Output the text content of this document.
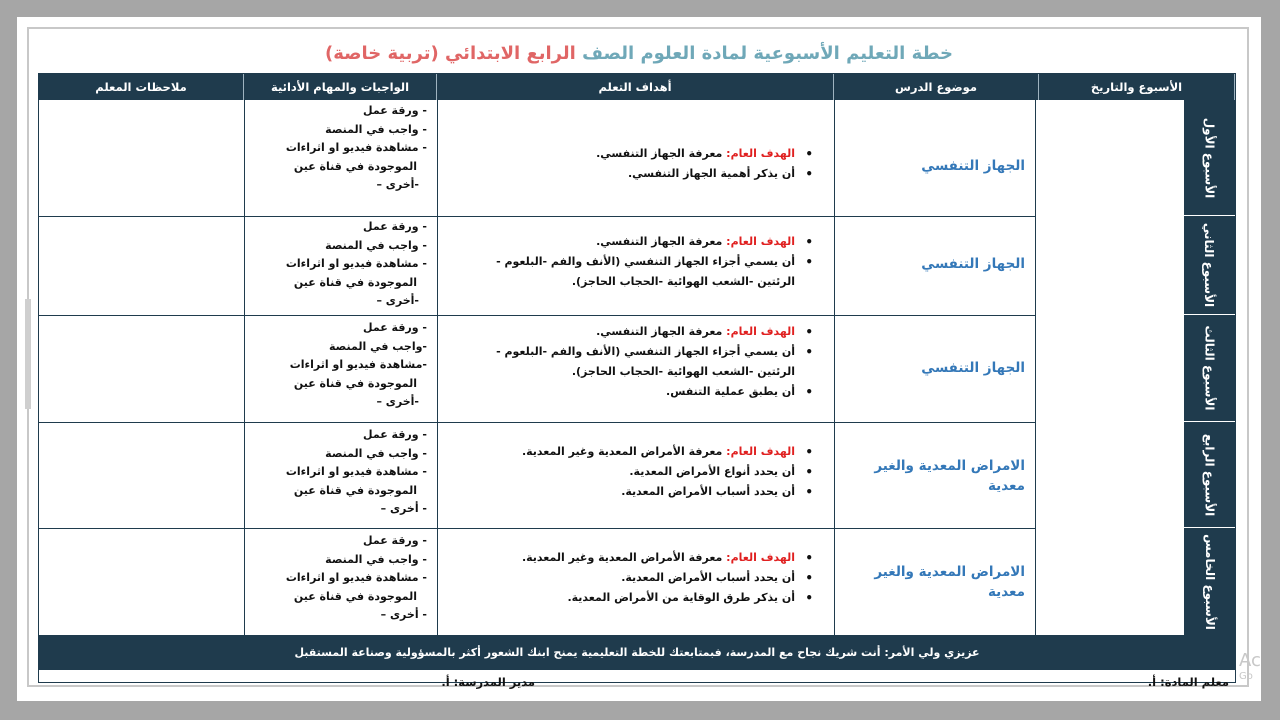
خطة التعليم الأسبوعية لمادة العلوم الصف الرابع الابتدائي (تربية خاصة)
الأسبوع والتاريخ
موضوع الدرس
أهداف التعلم
الواجبات والمهام الأدائية
ملاحظات المعلم
الأسبوع الأول
الأسبوع الثاني
الأسبوع الثالث
الأسبوع الرابع
الأسبوع الخامس
الجهاز التنفسي
الجهاز التنفسي
الجهاز التنفسي
الامراض المعدية والغير معدية
الامراض المعدية والغير معدية
• الهدف العام: معرفة الجهاز التنفسي.
• أن يذكر أهمية الجهاز التنفسي.
• الهدف العام: معرفة الجهاز التنفسي.
• أن يسمي أجزاء الجهاز التنفسي (الأنف والفم -البلعوم -
الرئتين -الشعب الهوائية -الحجاب الحاجز).
• الهدف العام: معرفة الجهاز التنفسي.
• أن يسمي أجزاء الجهاز التنفسي (الأنف والفم -البلعوم -
الرئتين -الشعب الهوائية -الحجاب الحاجز).
• أن يطبق عملية التنفس.
• الهدف العام: معرفة الأمراض المعدية وغير المعدية.
• أن يحدد أنواع الأمراض المعدية.
• أن يحدد أسباب الأمراض المعدية.
• الهدف العام: معرفة الأمراض المعدية وغير المعدية.
• أن يحدد أسباب الأمراض المعدية.
• أن يذكر طرق الوقاية من الأمراض المعدية.
- ورقة عمل
- واجب في المنصة
- مشاهدة فيديو او اثراءات
الموجودة في قناة عين
-أخرى –
- ورقة عمل
- واجب في المنصة
- مشاهدة فيديو او اثراءات
الموجودة في قناة عين
-أخرى –
- ورقة عمل
-واجب في المنصة
-مشاهدة فيديو او اثراءات
الموجودة في قناة عين
-أخرى –
- ورقة عمل
- واجب في المنصة
- مشاهدة فيديو او اثراءات
الموجودة في قناة عين
- أخرى –
- ورقة عمل
- واجب في المنصة
- مشاهدة فيديو او اثراءات
الموجودة في قناة عين
- أخرى –
عزيزي ولي الأمر: أنت شريك نجاح مع المدرسة، فبمتابعتك للخطة التعليمية يمنح ابنك الشعور أكثر بالمسؤولية وصناعة المستقبل
معلم المادة: أ.
مدير المدرسة: أ.
Ac
Go
